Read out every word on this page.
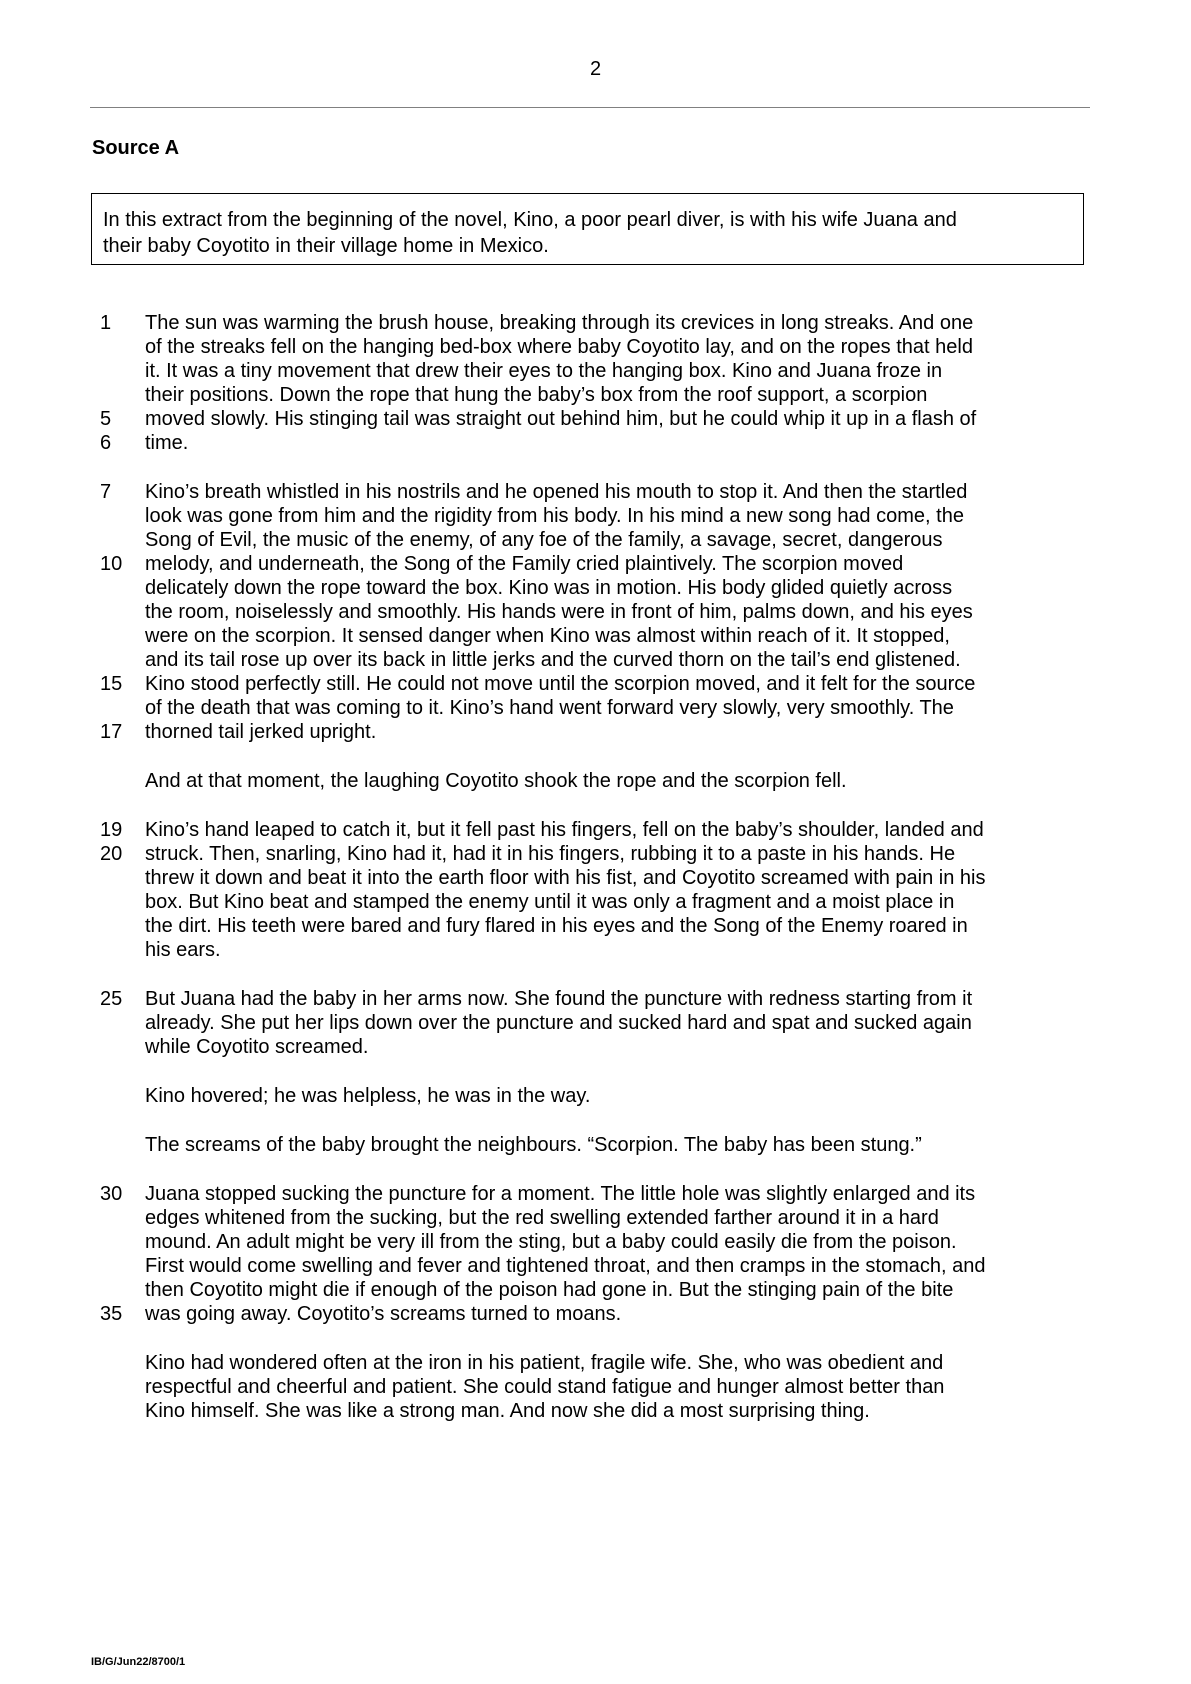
2
Source A
In this extract from the beginning of the novel, Kino, a poor pearl diver, is with his wife Juana and
their baby Coyotito in their village home in Mexico.
The sun was warming the brush house, breaking through its crevices in long streaks. And one
of the streaks fell on the hanging bed-box where baby Coyotito lay, and on the ropes that held
it. It was a tiny movement that drew their eyes to the hanging box. Kino and Juana froze in
their positions. Down the rope that hung the baby’s box from the roof support, a scorpion
moved slowly. His stinging tail was straight out behind him, but he could whip it up in a flash of
time.
Kino’s breath whistled in his nostrils and he opened his mouth to stop it. And then the startled
look was gone from him and the rigidity from his body. In his mind a new song had come, the
Song of Evil, the music of the enemy, of any foe of the family, a savage, secret, dangerous
melody, and underneath, the Song of the Family cried plaintively. The scorpion moved
delicately down the rope toward the box. Kino was in motion. His body glided quietly across
the room, noiselessly and smoothly. His hands were in front of him, palms down, and his eyes
were on the scorpion. It sensed danger when Kino was almost within reach of it. It stopped,
and its tail rose up over its back in little jerks and the curved thorn on the tail’s end glistened.
Kino stood perfectly still. He could not move until the scorpion moved, and it felt for the source
of the death that was coming to it. Kino’s hand went forward very slowly, very smoothly. The
thorned tail jerked upright.
And at that moment, the laughing Coyotito shook the rope and the scorpion fell.
Kino’s hand leaped to catch it, but it fell past his fingers, fell on the baby’s shoulder, landed and
struck. Then, snarling, Kino had it, had it in his fingers, rubbing it to a paste in his hands. He
threw it down and beat it into the earth floor with his fist, and Coyotito screamed with pain in his
box. But Kino beat and stamped the enemy until it was only a fragment and a moist place in
the dirt. His teeth were bared and fury flared in his eyes and the Song of the Enemy roared in
his ears.
But Juana had the baby in her arms now. She found the puncture with redness starting from it
already. She put her lips down over the puncture and sucked hard and spat and sucked again
while Coyotito screamed.
Kino hovered; he was helpless, he was in the way.
The screams of the baby brought the neighbours. “Scorpion. The baby has been stung.”
Juana stopped sucking the puncture for a moment. The little hole was slightly enlarged and its
edges whitened from the sucking, but the red swelling extended farther around it in a hard
mound. An adult might be very ill from the sting, but a baby could easily die from the poison.
First would come swelling and fever and tightened throat, and then cramps in the stomach, and
then Coyotito might die if enough of the poison had gone in. But the stinging pain of the bite
was going away. Coyotito’s screams turned to moans.
Kino had wondered often at the iron in his patient, fragile wife. She, who was obedient and
respectful and cheerful and patient. She could stand fatigue and hunger almost better than
Kino himself. She was like a strong man. And now she did a most surprising thing.
1
5
6
7
10
15
17
19
20
25
30
35
IB/G/Jun22/8700/1
